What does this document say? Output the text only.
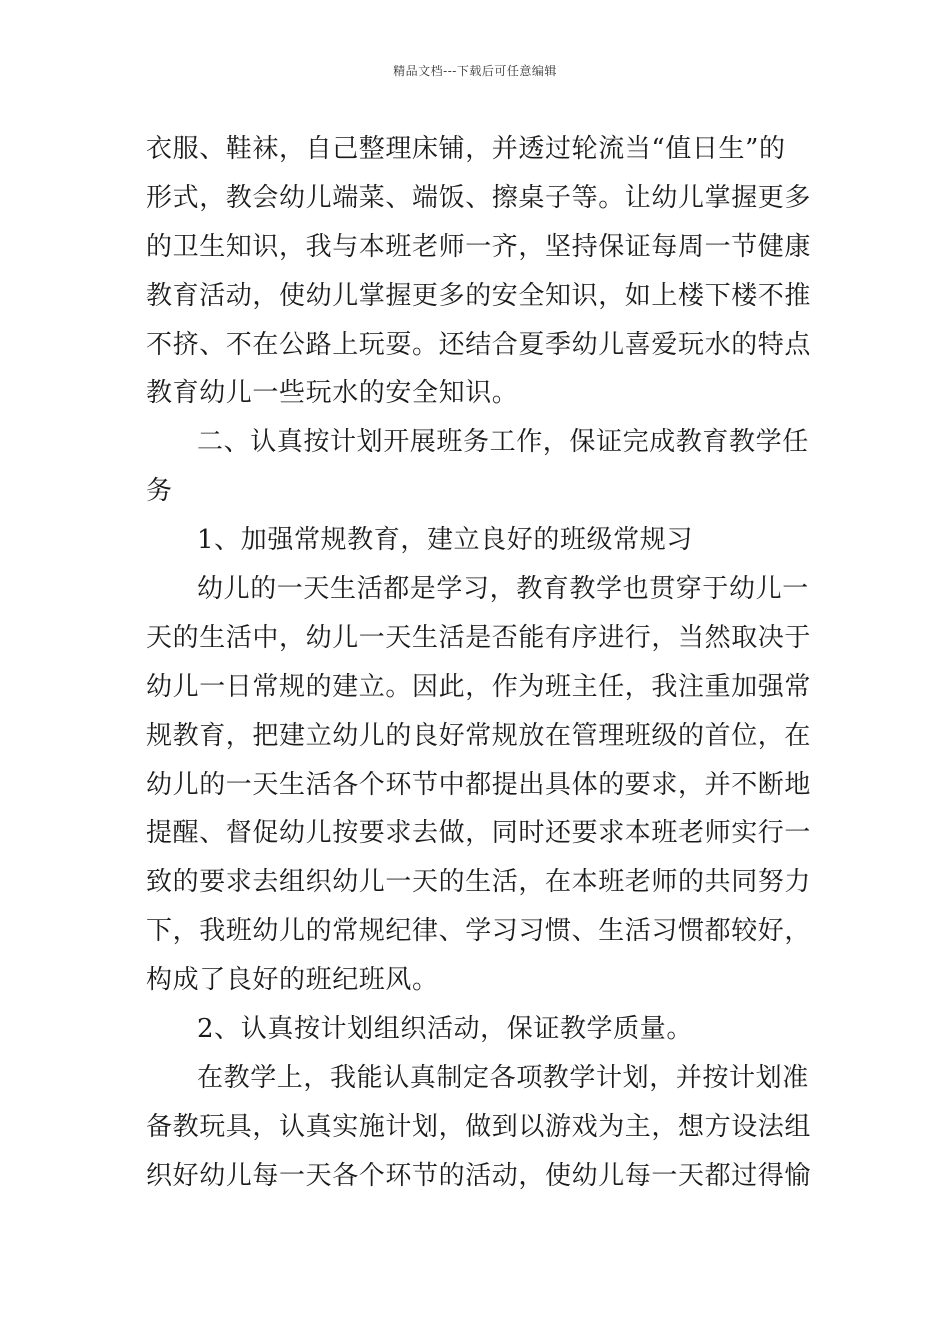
精品文档---下载后可任意编辑
衣服、鞋袜，自己整理床铺，并透过轮流当“值日生”的
形式，教会幼儿端菜、端饭、擦桌子等。让幼儿掌握更多
的卫生知识，我与本班老师一齐，坚持保证每周一节健康
教育活动，使幼儿掌握更多的安全知识，如上楼下楼不推
不挤、不在公路上玩耍。还结合夏季幼儿喜爱玩水的特点
教育幼儿一些玩水的安全知识。
二、认真按计划开展班务工作，保证完成教育教学任
务
1、加强常规教育，建立良好的班级常规习
幼儿的一天生活都是学习，教育教学也贯穿于幼儿一
天的生活中，幼儿一天生活是否能有序进行，当然取决于
幼儿一日常规的建立。因此，作为班主任，我注重加强常
规教育，把建立幼儿的良好常规放在管理班级的首位，在
幼儿的一天生活各个环节中都提出具体的要求，并不断地
提醒、督促幼儿按要求去做，同时还要求本班老师实行一
致的要求去组织幼儿一天的生活，在本班老师的共同努力
下，我班幼儿的常规纪律、学习习惯、生活习惯都较好，
构成了良好的班纪班风。
2、认真按计划组织活动，保证教学质量。
在教学上，我能认真制定各项教学计划，并按计划准
备教玩具，认真实施计划，做到以游戏为主，想方设法组
织好幼儿每一天各个环节的活动，使幼儿每一天都过得愉
